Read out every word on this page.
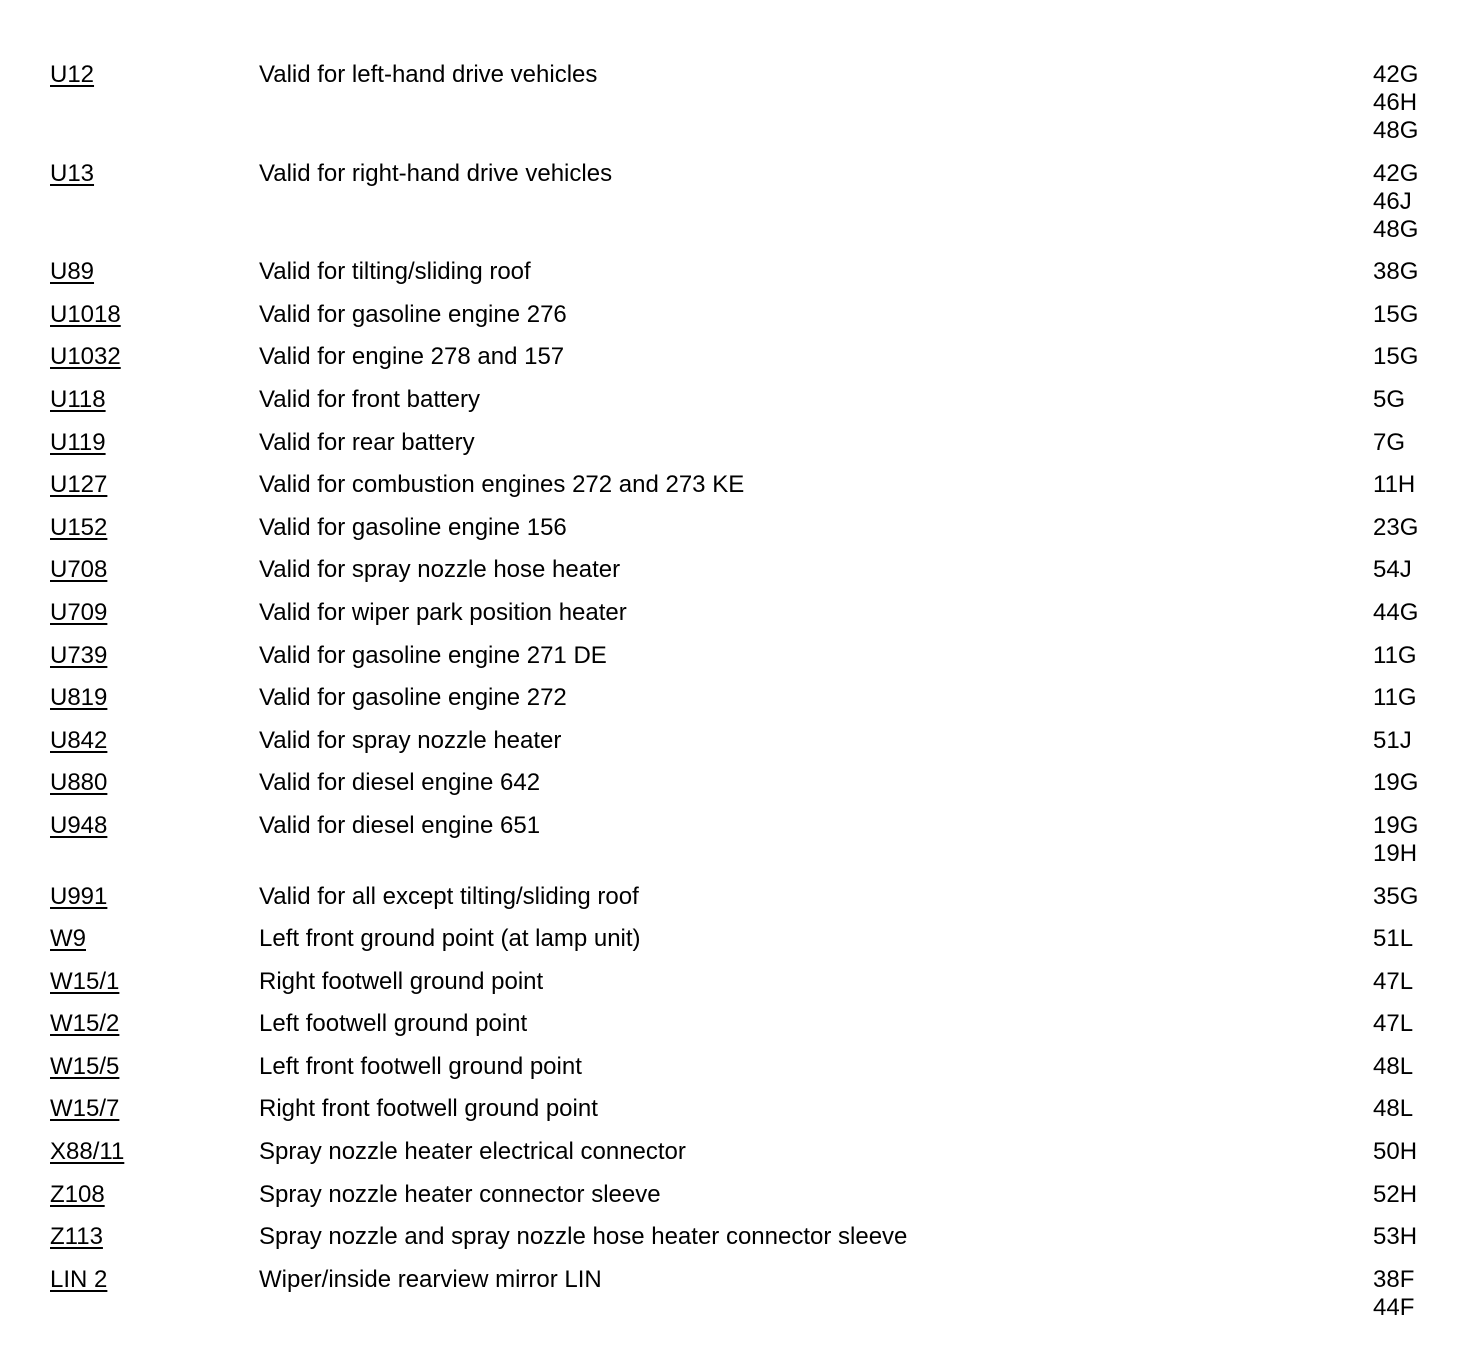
U12	Valid for left-hand drive vehicles	42G
46H
48G
U13	Valid for right-hand drive vehicles	42G
46J
48G
U89	Valid for tilting/sliding roof	38G
U1018	Valid for gasoline engine 276	15G
U1032	Valid for engine 278 and 157	15G
U118	Valid for front battery	5G
U119	Valid for rear battery	7G
U127	Valid for combustion engines 272 and 273 KE	11H
U152	Valid for gasoline engine 156	23G
U708	Valid for spray nozzle hose heater	54J
U709	Valid for wiper park position heater	44G
U739	Valid for gasoline engine 271 DE	11G
U819	Valid for gasoline engine 272	11G
U842	Valid for spray nozzle heater	51J
U880	Valid for diesel engine 642	19G
U948	Valid for diesel engine 651	19G
19H
U991	Valid for all except tilting/sliding roof	35G
W9	Left front ground point (at lamp unit)	51L
W15/1	Right footwell ground point	47L
W15/2	Left footwell ground point	47L
W15/5	Left front footwell ground point	48L
W15/7	Right front footwell ground point	48L
X88/11	Spray nozzle heater electrical connector	50H
Z108	Spray nozzle heater connector sleeve	52H
Z113	Spray nozzle and spray nozzle hose heater connector sleeve	53H
LIN 2	Wiper/inside rearview mirror LIN	38F
44F
